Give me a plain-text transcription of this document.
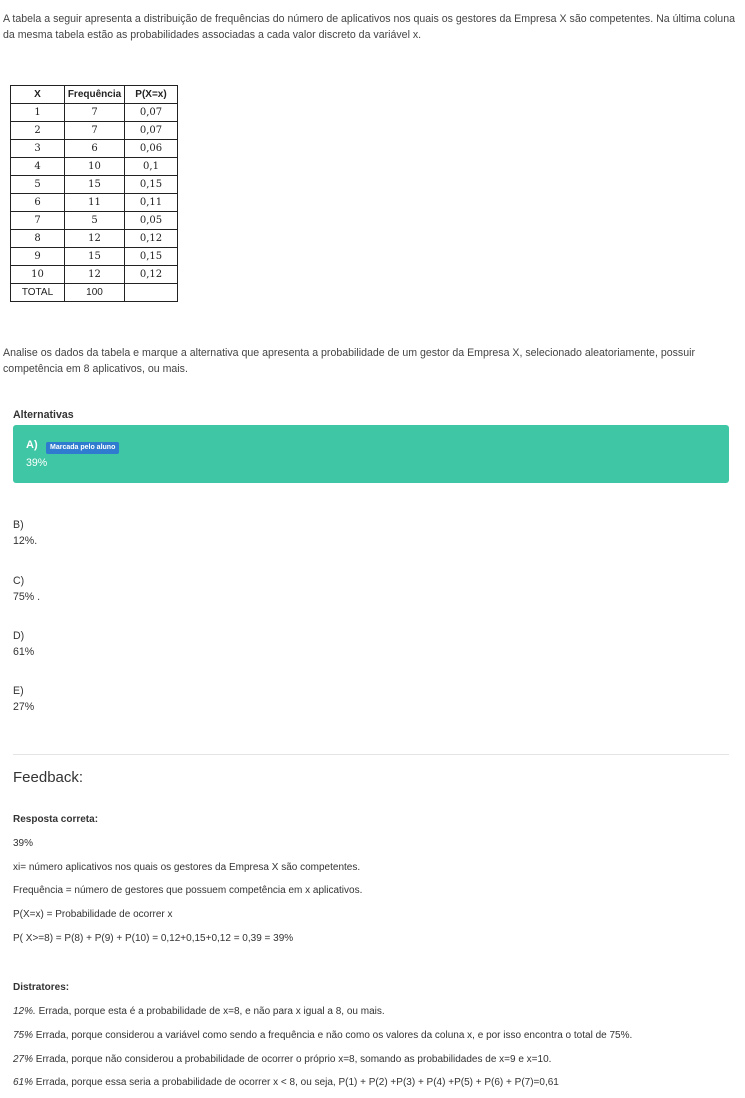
A tabela a seguir apresenta a distribuição de frequências do número de aplicativos nos quais os gestores da Empresa X são competentes. Na última coluna da mesma tabela estão as probabilidades associadas a cada valor discreto da variável x.
X	Frequência	P(X=x)
1	7	0,07
2	7	0,07
3	6	0,06
4	10	0,1
5	15	0,15
6	11	0,11
7	5	0,05
8	12	0,12
9	15	0,15
10	12	0,12
TOTAL	100	
Analise os dados da tabela e marque a alternativa que apresenta a probabilidade de um gestor da Empresa X, selecionado aleatoriamente, possuir competência em 8 aplicativos, ou mais.
Alternativas
A)	Marcada pelo aluno
39%
B)
12%.
C)
75% .
D)
61%
E)
27%
Feedback:
Resposta correta:
39%
xi= número aplicativos nos quais os gestores da Empresa X são competentes.
Frequência = número de gestores que possuem competência em x aplicativos.
P(X=x) = Probabilidade de ocorrer x
P( X>=8) = P(8) + P(9) + P(10) = 0,12+0,15+0,12 = 0,39 = 39%
Distratores:
12%. Errada, porque esta é a probabilidade de x=8, e não para x igual a 8, ou mais.
75% Errada, porque considerou a variável como sendo a frequência e não como os valores da coluna x, e por isso encontra o total de 75%.
27% Errada, porque não considerou a probabilidade de ocorrer o próprio x=8, somando as probabilidades de x=9 e x=10.
61% Errada, porque essa seria a probabilidade de ocorrer x < 8, ou seja, P(1) + P(2) +P(3) + P(4) +P(5) + P(6) + P(7)=0,61
